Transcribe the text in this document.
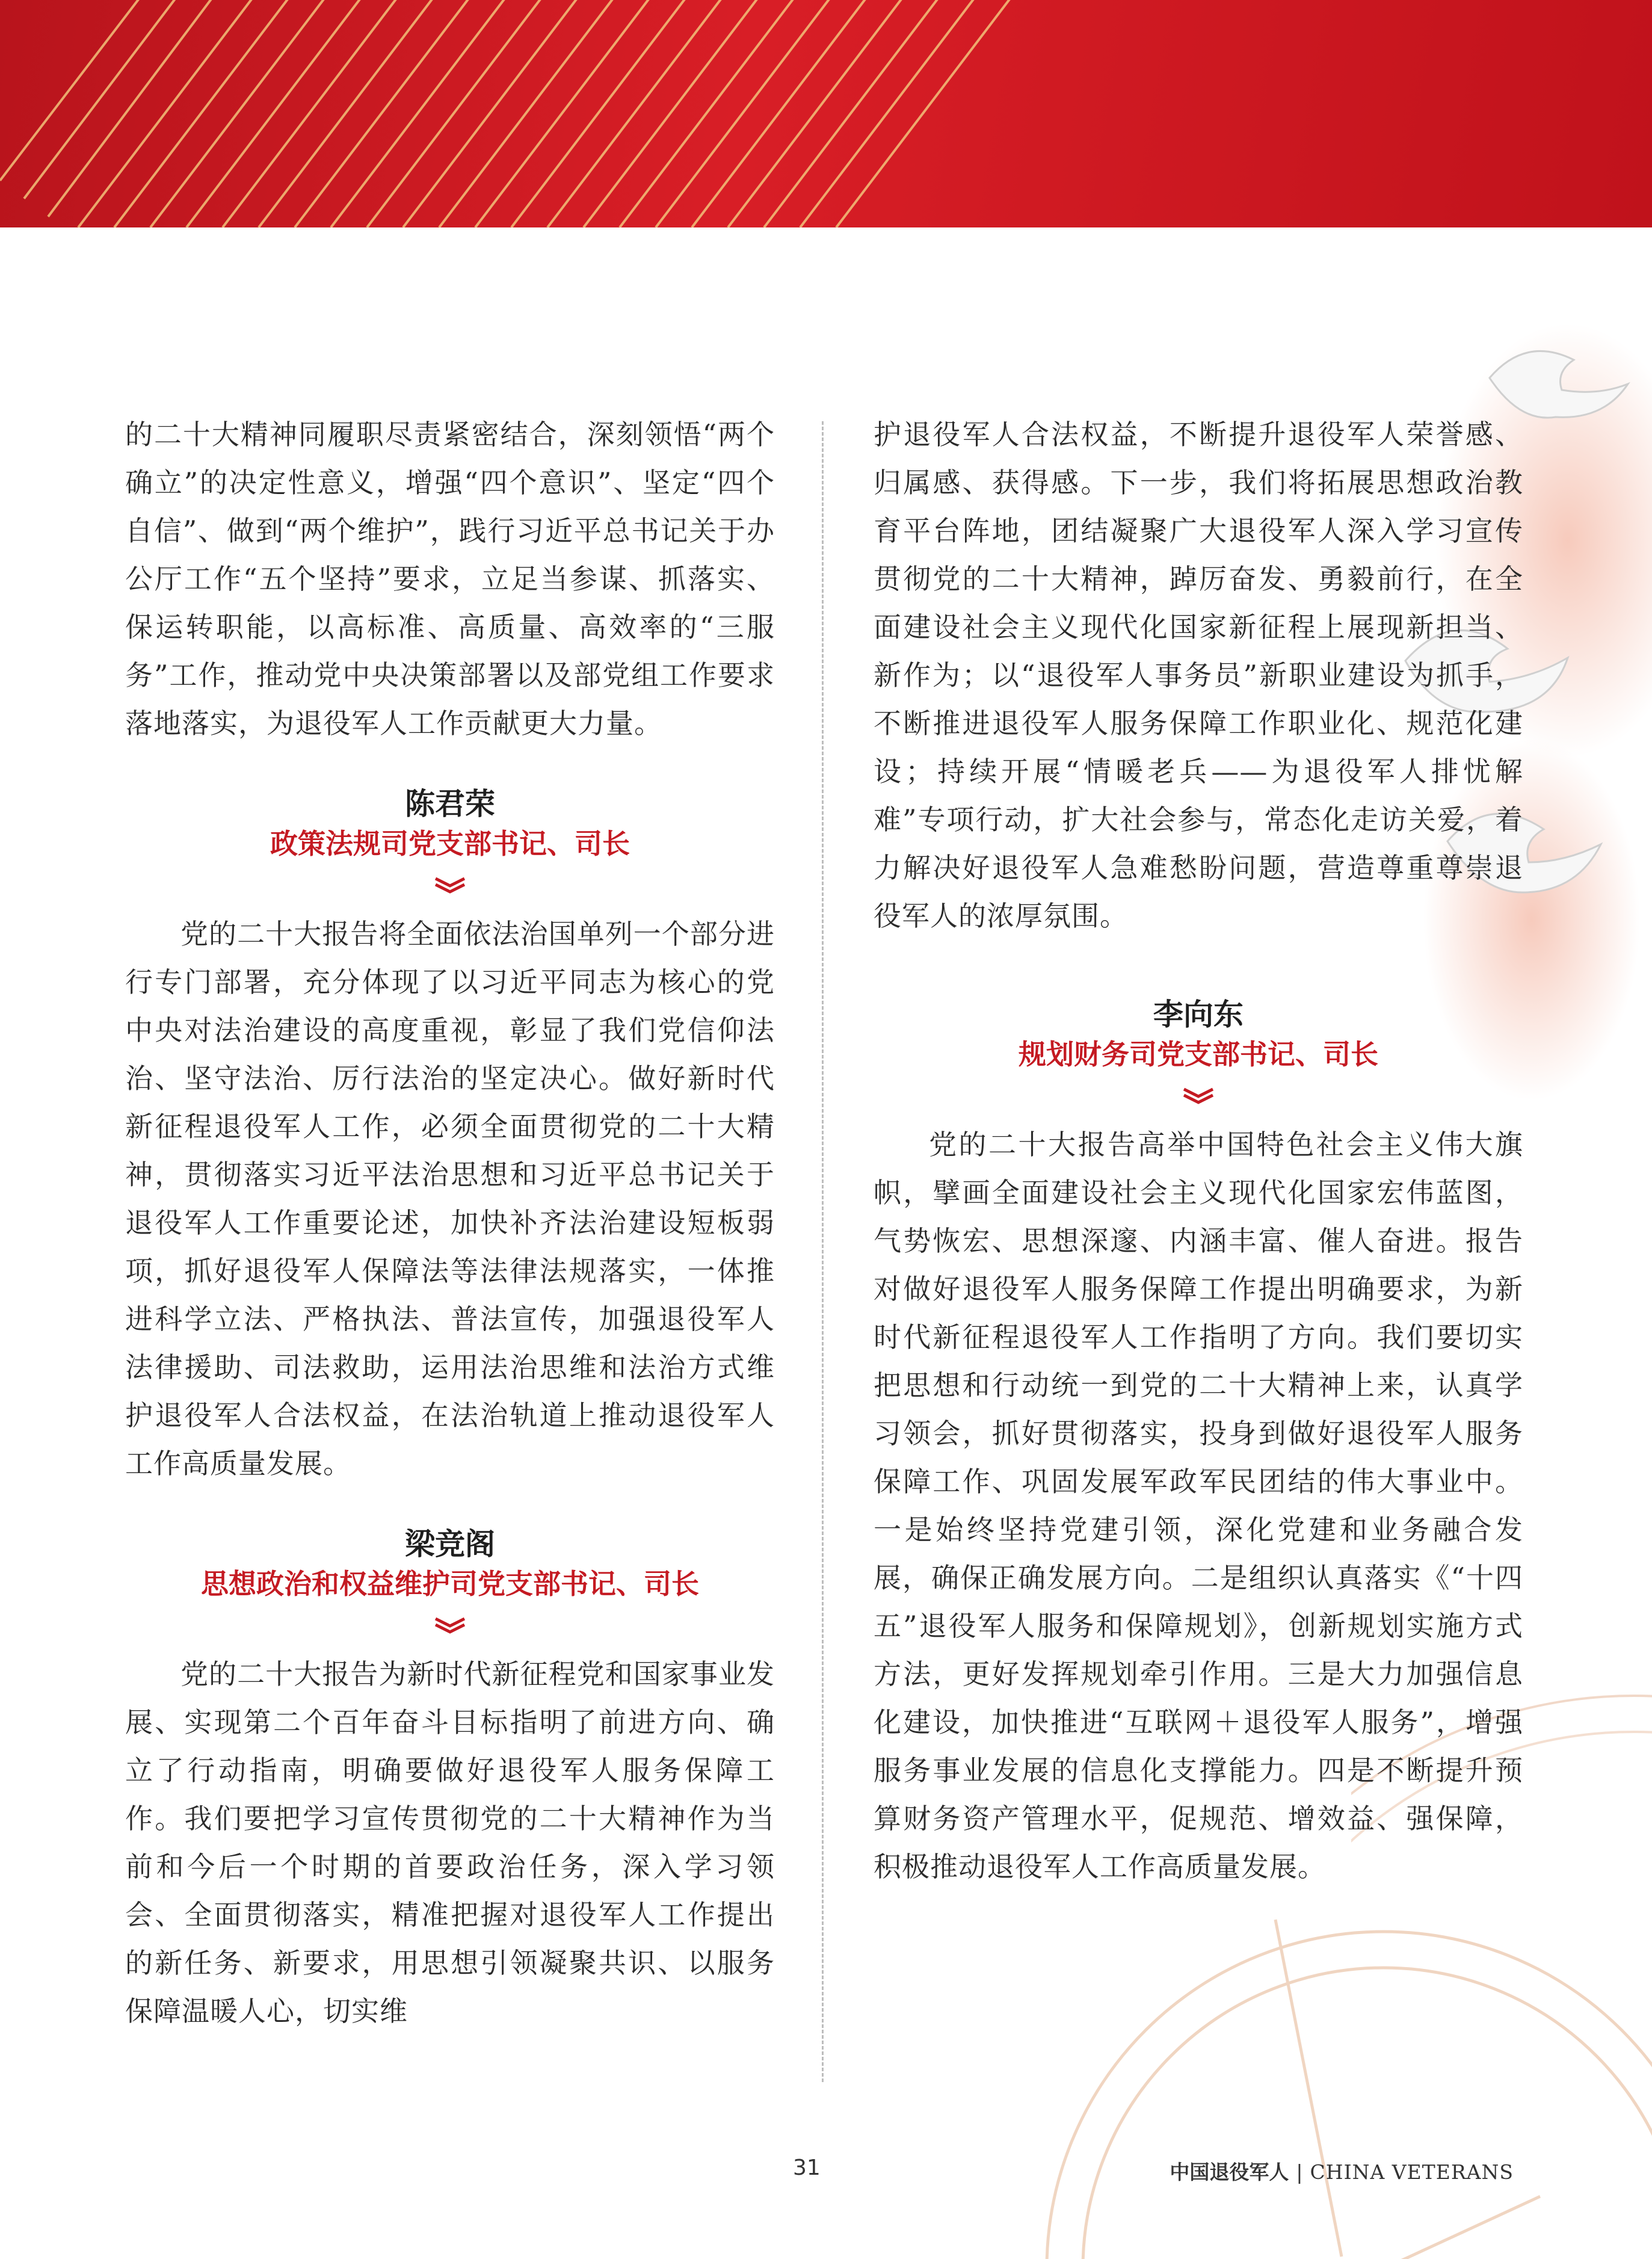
的二十大精神同履职尽责紧密结合，深刻领悟“两个确立”的决定性意义，增强“四个意识”、坚定“四个自信”、做到“两个维护”，践行习近平总书记关于办公厅工作“五个坚持”要求，立足当参谋、抓落实、保运转职能，以高标准、高质量、高效率的“三服务”工作，推动党中央决策部署以及部党组工作要求落地落实，为退役军人工作贡献更大力量。

陈君荣
政策法规司党支部书记、司长

党的二十大报告将全面依法治国单列一个部分进行专门部署，充分体现了以习近平同志为核心的党中央对法治建设的高度重视，彰显了我们党信仰法治、坚守法治、厉行法治的坚定决心。做好新时代新征程退役军人工作，必须全面贯彻党的二十大精神，贯彻落实习近平法治思想和习近平总书记关于退役军人工作重要论述，加快补齐法治建设短板弱项，抓好退役军人保障法等法律法规落实，一体推进科学立法、严格执法、普法宣传，加强退役军人法律援助、司法救助，运用法治思维和法治方式维护退役军人合法权益，在法治轨道上推动退役军人工作高质量发展。

梁竞阁
思想政治和权益维护司党支部书记、司长

党的二十大报告为新时代新征程党和国家事业发展、实现第二个百年奋斗目标指明了前进方向、确立了行动指南，明确要做好退役军人服务保障工作。我们要把学习宣传贯彻党的二十大精神作为当前和今后一个时期的首要政治任务，深入学习领会、全面贯彻落实，精准把握对退役军人工作提出的新任务、新要求，用思想引领凝聚共识、以服务保障温暖人心，切实维

护退役军人合法权益，不断提升退役军人荣誉感、归属感、获得感。下一步，我们将拓展思想政治教育平台阵地，团结凝聚广大退役军人深入学习宣传贯彻党的二十大精神，踔厉奋发、勇毅前行，在全面建设社会主义现代化国家新征程上展现新担当、新作为；以“退役军人事务员”新职业建设为抓手，不断推进退役军人服务保障工作职业化、规范化建设；持续开展“情暖老兵——为退役军人排忧解难”专项行动，扩大社会参与，常态化走访关爱，着力解决好退役军人急难愁盼问题，营造尊重尊崇退役军人的浓厚氛围。

李向东
规划财务司党支部书记、司长

党的二十大报告高举中国特色社会主义伟大旗帜，擘画全面建设社会主义现代化国家宏伟蓝图，气势恢宏、思想深邃、内涵丰富、催人奋进。报告对做好退役军人服务保障工作提出明确要求，为新时代新征程退役军人工作指明了方向。我们要切实把思想和行动统一到党的二十大精神上来，认真学习领会，抓好贯彻落实，投身到做好退役军人服务保障工作、巩固发展军政军民团结的伟大事业中。一是始终坚持党建引领，深化党建和业务融合发展，确保正确发展方向。二是组织认真落实《“十四五”退役军人服务和保障规划》，创新规划实施方式方法，更好发挥规划牵引作用。三是大力加强信息化建设，加快推进“互联网＋退役军人服务”，增强服务事业发展的信息化支撑能力。四是不断提升预算财务资产管理水平，促规范、增效益、强保障，积极推动退役军人工作高质量发展。

31	中国退役军人 | CHINA VETERANS
